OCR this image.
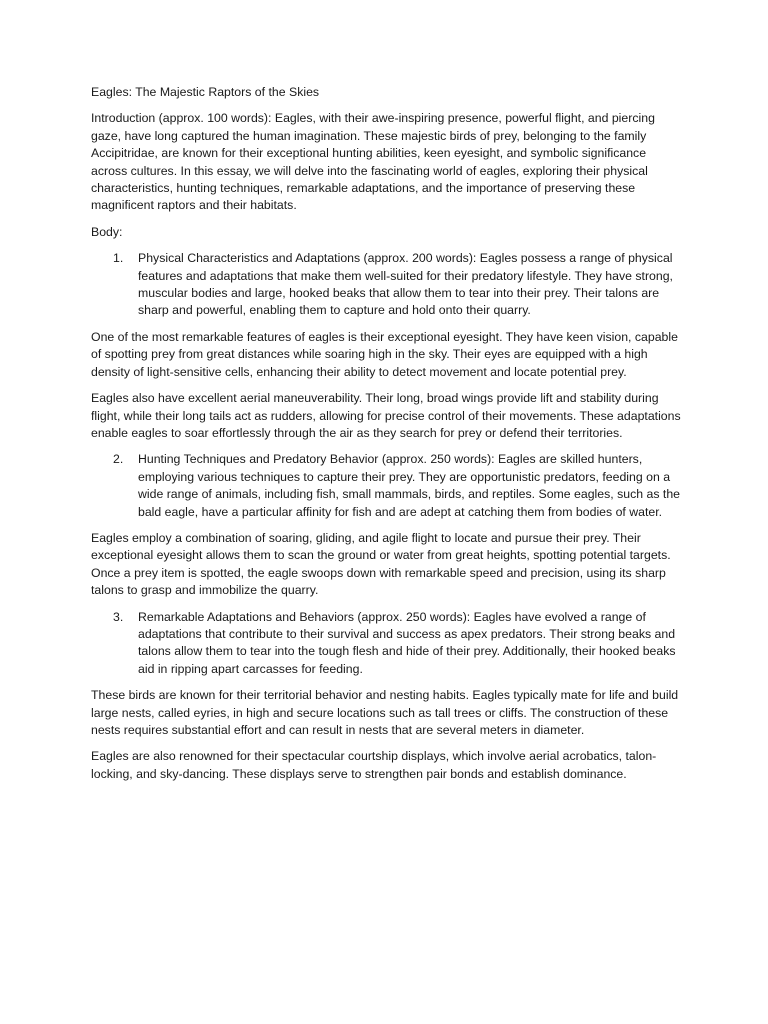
Eagles: The Majestic Raptors of the Skies

Introduction (approx. 100 words): Eagles, with their awe-inspiring presence, powerful flight, and piercing gaze, have long captured the human imagination. These majestic birds of prey, belonging to the family Accipitridae, are known for their exceptional hunting abilities, keen eyesight, and symbolic significance across cultures. In this essay, we will delve into the fascinating world of eagles, exploring their physical characteristics, hunting techniques, remarkable adaptations, and the importance of preserving these magnificent raptors and their habitats.

Body:

1. Physical Characteristics and Adaptations (approx. 200 words): Eagles possess a range of physical features and adaptations that make them well-suited for their predatory lifestyle. They have strong, muscular bodies and large, hooked beaks that allow them to tear into their prey. Their talons are sharp and powerful, enabling them to capture and hold onto their quarry.

One of the most remarkable features of eagles is their exceptional eyesight. They have keen vision, capable of spotting prey from great distances while soaring high in the sky. Their eyes are equipped with a high density of light-sensitive cells, enhancing their ability to detect movement and locate potential prey.

Eagles also have excellent aerial maneuverability. Their long, broad wings provide lift and stability during flight, while their long tails act as rudders, allowing for precise control of their movements. These adaptations enable eagles to soar effortlessly through the air as they search for prey or defend their territories.

2. Hunting Techniques and Predatory Behavior (approx. 250 words): Eagles are skilled hunters, employing various techniques to capture their prey. They are opportunistic predators, feeding on a wide range of animals, including fish, small mammals, birds, and reptiles. Some eagles, such as the bald eagle, have a particular affinity for fish and are adept at catching them from bodies of water.

Eagles employ a combination of soaring, gliding, and agile flight to locate and pursue their prey. Their exceptional eyesight allows them to scan the ground or water from great heights, spotting potential targets. Once a prey item is spotted, the eagle swoops down with remarkable speed and precision, using its sharp talons to grasp and immobilize the quarry.

3. Remarkable Adaptations and Behaviors (approx. 250 words): Eagles have evolved a range of adaptations that contribute to their survival and success as apex predators. Their strong beaks and talons allow them to tear into the tough flesh and hide of their prey. Additionally, their hooked beaks aid in ripping apart carcasses for feeding.

These birds are known for their territorial behavior and nesting habits. Eagles typically mate for life and build large nests, called eyries, in high and secure locations such as tall trees or cliffs. The construction of these nests requires substantial effort and can result in nests that are several meters in diameter.

Eagles are also renowned for their spectacular courtship displays, which involve aerial acrobatics, talon-locking, and sky-dancing. These displays serve to strengthen pair bonds and establish dominance.
